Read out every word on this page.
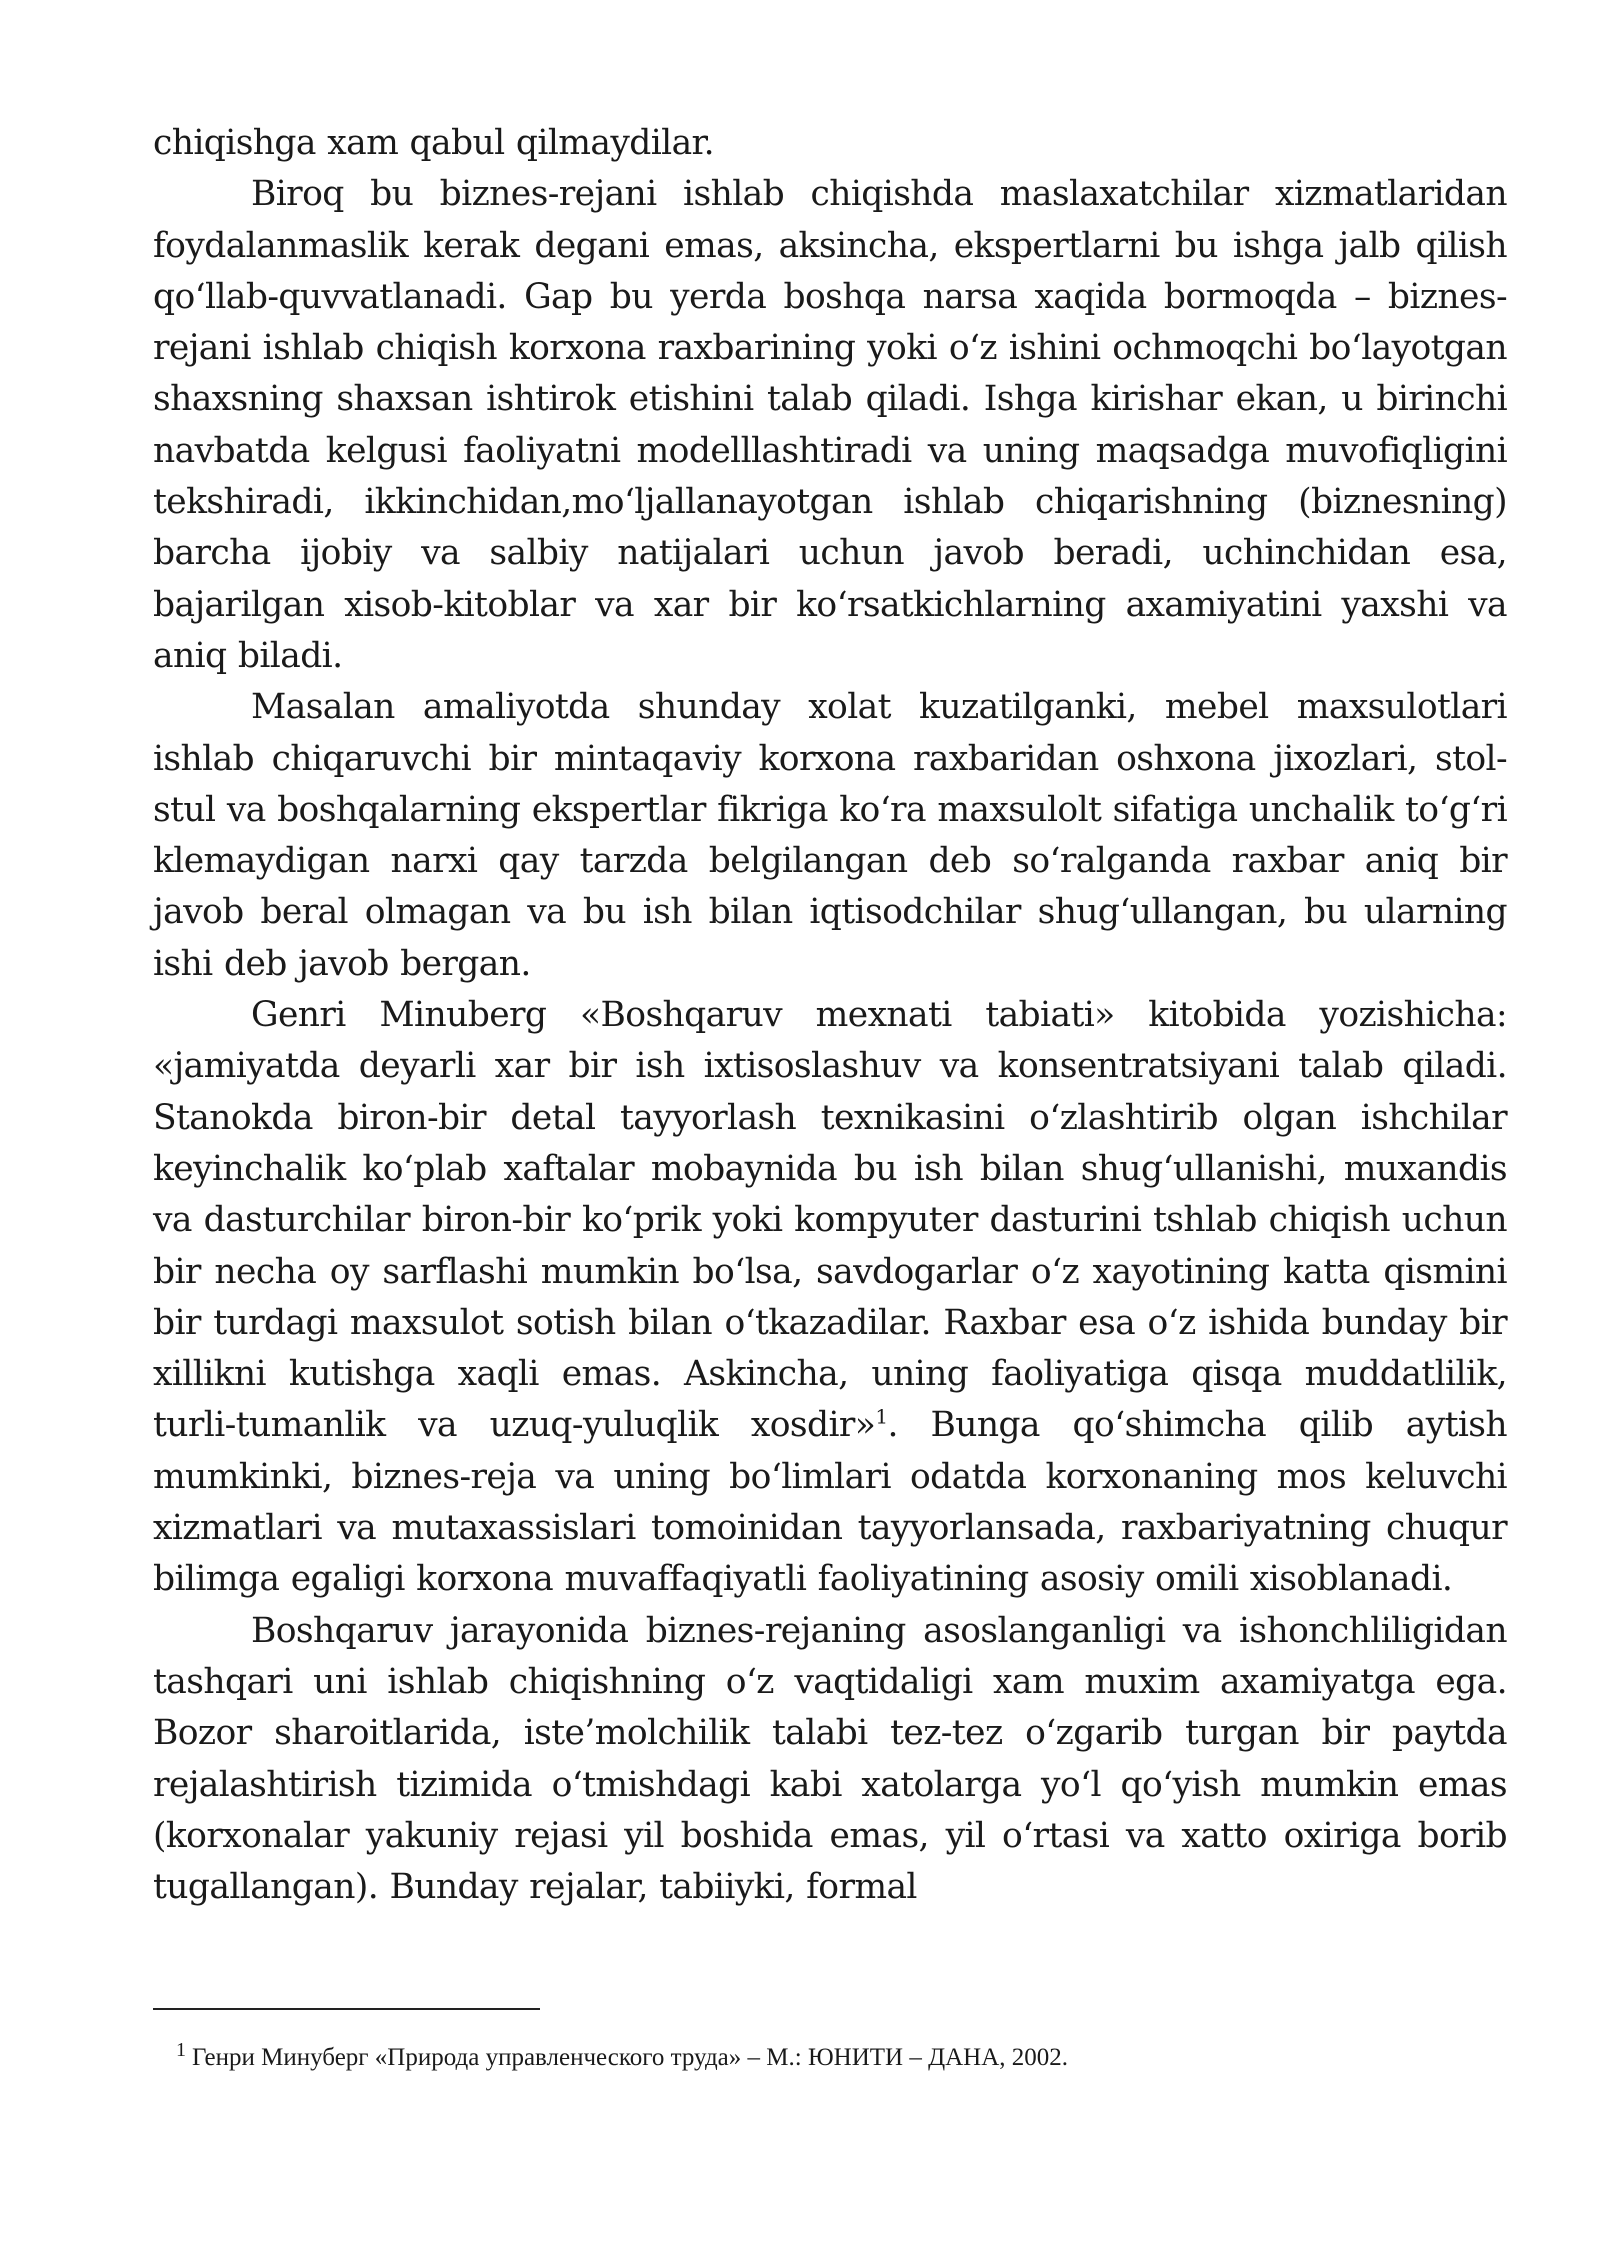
chiqishga xam qabul qilmaydilar.

Biroq bu biznes-rejani ishlab chiqishda maslaxatchilar xizmatlaridan foydalanmaslik kerak degani emas, aksincha, ekspertlarni bu ishga jalb qilish qo‘llab-quvvatlanadi. Gap bu yerda boshqa narsa xaqida bormoqda – biznes-rejani ishlab chiqish korxona raxbarining yoki o‘z ishini ochmoqchi bo‘layotgan shaxsning shaxsan ishtirok etishini talab qiladi. Ishga kirishar ekan, u birinchi navbatda kelgusi faoliyatni modelllashtiradi va uning maqsadga muvofiqligini tekshiradi, ikkinchidan,mo‘ljallanayotgan ishlab chiqarishning (biznesning) barcha ijobiy va salbiy natijalari uchun javob beradi, uchinchidan esa, bajarilgan xisob-kitoblar va xar bir ko‘rsatkichlarning axamiyatini yaxshi va aniq biladi.

Masalan amaliyotda shunday xolat kuzatilganki, mebel maxsulotlari ishlab chiqaruvchi bir mintaqaviy korxona raxbaridan oshxona jixozlari, stol-stul va boshqalarning ekspertlar fikriga ko‘ra maxsulolt sifatiga unchalik to‘g‘ri klemaydigan narxi qay tarzda belgilangan deb so‘ralganda raxbar aniq bir javob beral olmagan va bu ish bilan iqtisodchilar shug‘ullangan, bu ularning ishi deb javob bergan.

Genri Minuberg «Boshqaruv mexnati tabiati» kitobida yozishicha: «jamiyatda deyarli xar bir ish ixtisoslashuv va konsentratsiyani talab qiladi. Stanokda biron-bir detal tayyorlash texnikasini o‘zlashtirib olgan ishchilar keyinchalik ko‘plab xaftalar mobaynida bu ish bilan shug‘ullanishi, muxandis va dasturchilar biron-bir ko‘prik yoki kompyuter dasturini tshlab chiqish uchun bir necha oy sarflashi mumkin bo‘lsa, savdogarlar o‘z xayotining katta qismini bir turdagi maxsulot sotish bilan o‘tkazadilar. Raxbar esa o‘z ishida bunday bir xillikni kutishga xaqli emas. Askincha, uning faoliyatiga qisqa muddatlilik, turli-tumanlik va uzuq-yuluqlik xosdir»$^1$. Bunga qo‘shimcha qilib aytish mumkinki, biznes-reja va uning bo‘limlari odatda korxonaning mos keluvchi xizmatlari va mutaxassislari tomoinidan tayyorlansada, raxbariyatning chuqur bilimga egaligi korxona muvaffaqiyatli faoliyatining asosiy omili xisoblanadi.

Boshqaruv jarayonida biznes-rejaning asoslanganligi va ishonchliligidan tashqari uni ishlab chiqishning o‘z vaqtidaligi xam muxim axamiyatga ega. Bozor sharoitlarida, iste’molchilik talabi tez-tez o‘zgarib turgan bir paytda rejalashtirish tizimida o‘tmishdagi kabi xatolarga yo‘l qo‘yish mumkin emas (korxonalar yakuniy rejasi yil boshida emas, yil o‘rtasi va xatto oxiriga borib tugallangan). Bunday rejalar, tabiiyki, formal

$^1$ Генри Минуберг «Природа управленческого труда» – М.: ЮНИТИ – ДАНА, 2002.
